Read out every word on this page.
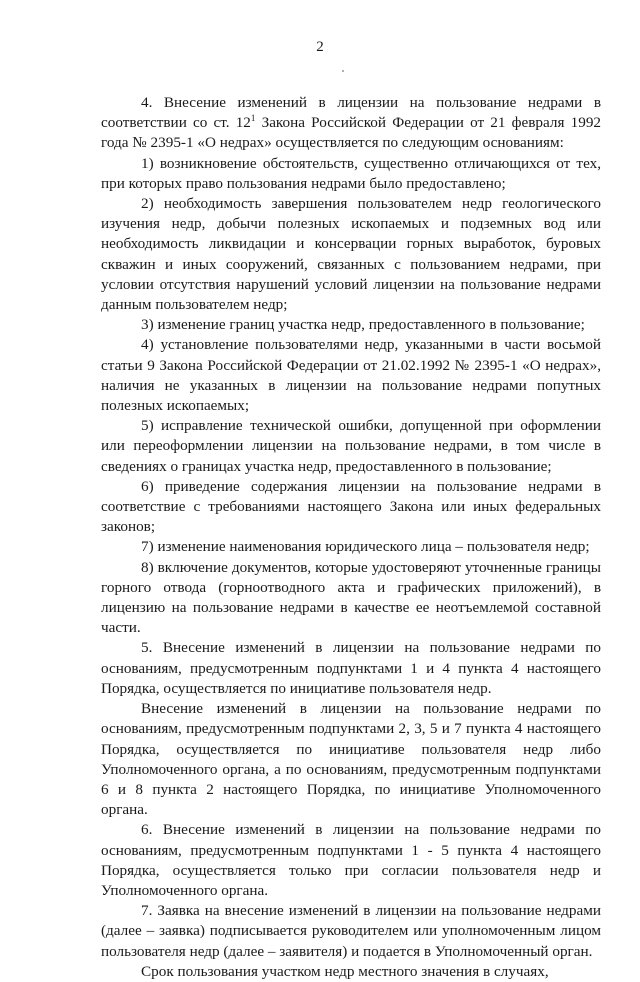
2

4. Внесение изменений в лицензии на пользование недрами в соответствии со ст. $12^1$ Закона Российской Федерации от 21 февраля 1992 года № 2395-1 «О недрах» осуществляется по следующим основаниям:

1) возникновение обстоятельств, существенно отличающихся от тех, при которых право пользования недрами было предоставлено;

2) необходимость завершения пользователем недр геологического изучения недр, добычи полезных ископаемых и подземных вод или необходимость ликвидации и консервации горных выработок, буровых скважин и иных сооружений, связанных с пользованием недрами, при условии отсутствия нарушений условий лицензии на пользование недрами данным пользователем недр;

3) изменение границ участка недр, предоставленного в пользование;

4) установление пользователями недр, указанными в части восьмой статьи 9 Закона Российской Федерации от 21.02.1992 № 2395-1 «О недрах», наличия не указанных в лицензии на пользование недрами попутных полезных ископаемых;

5) исправление технической ошибки, допущенной при оформлении или переоформлении лицензии на пользование недрами, в том числе в сведениях о границах участка недр, предоставленного в пользование;

6) приведение содержания лицензии на пользование недрами в соответствие с требованиями настоящего Закона или иных федеральных законов;

7) изменение наименования юридического лица – пользователя недр;

8) включение документов, которые удостоверяют уточненные границы горного отвода (горноотводного акта и графических приложений), в лицензию на пользование недрами в качестве ее неотъемлемой составной части.

5. Внесение изменений в лицензии на пользование недрами по основаниям, предусмотренным подпунктами 1 и 4 пункта 4 настоящего Порядка, осуществляется по инициативе пользователя недр.

Внесение изменений в лицензии на пользование недрами по основаниям, предусмотренным подпунктами 2, 3, 5 и 7 пункта 4 настоящего Порядка, осуществляется по инициативе пользователя недр либо Уполномоченного органа, а по основаниям, предусмотренным подпунктами 6 и 8 пункта 2 настоящего Порядка, по инициативе Уполномоченного органа.

6. Внесение изменений в лицензии на пользование недрами по основаниям, предусмотренным подпунктами 1 - 5 пункта 4 настоящего Порядка, осуществляется только при согласии пользователя недр и Уполномоченного органа.

7. Заявка на внесение изменений в лицензии на пользование недрами (далее – заявка) подписывается руководителем или уполномоченным лицом пользователя недр (далее – заявителя) и подается в Уполномоченный орган.

Срок пользования участком недр местного значения в случаях,
